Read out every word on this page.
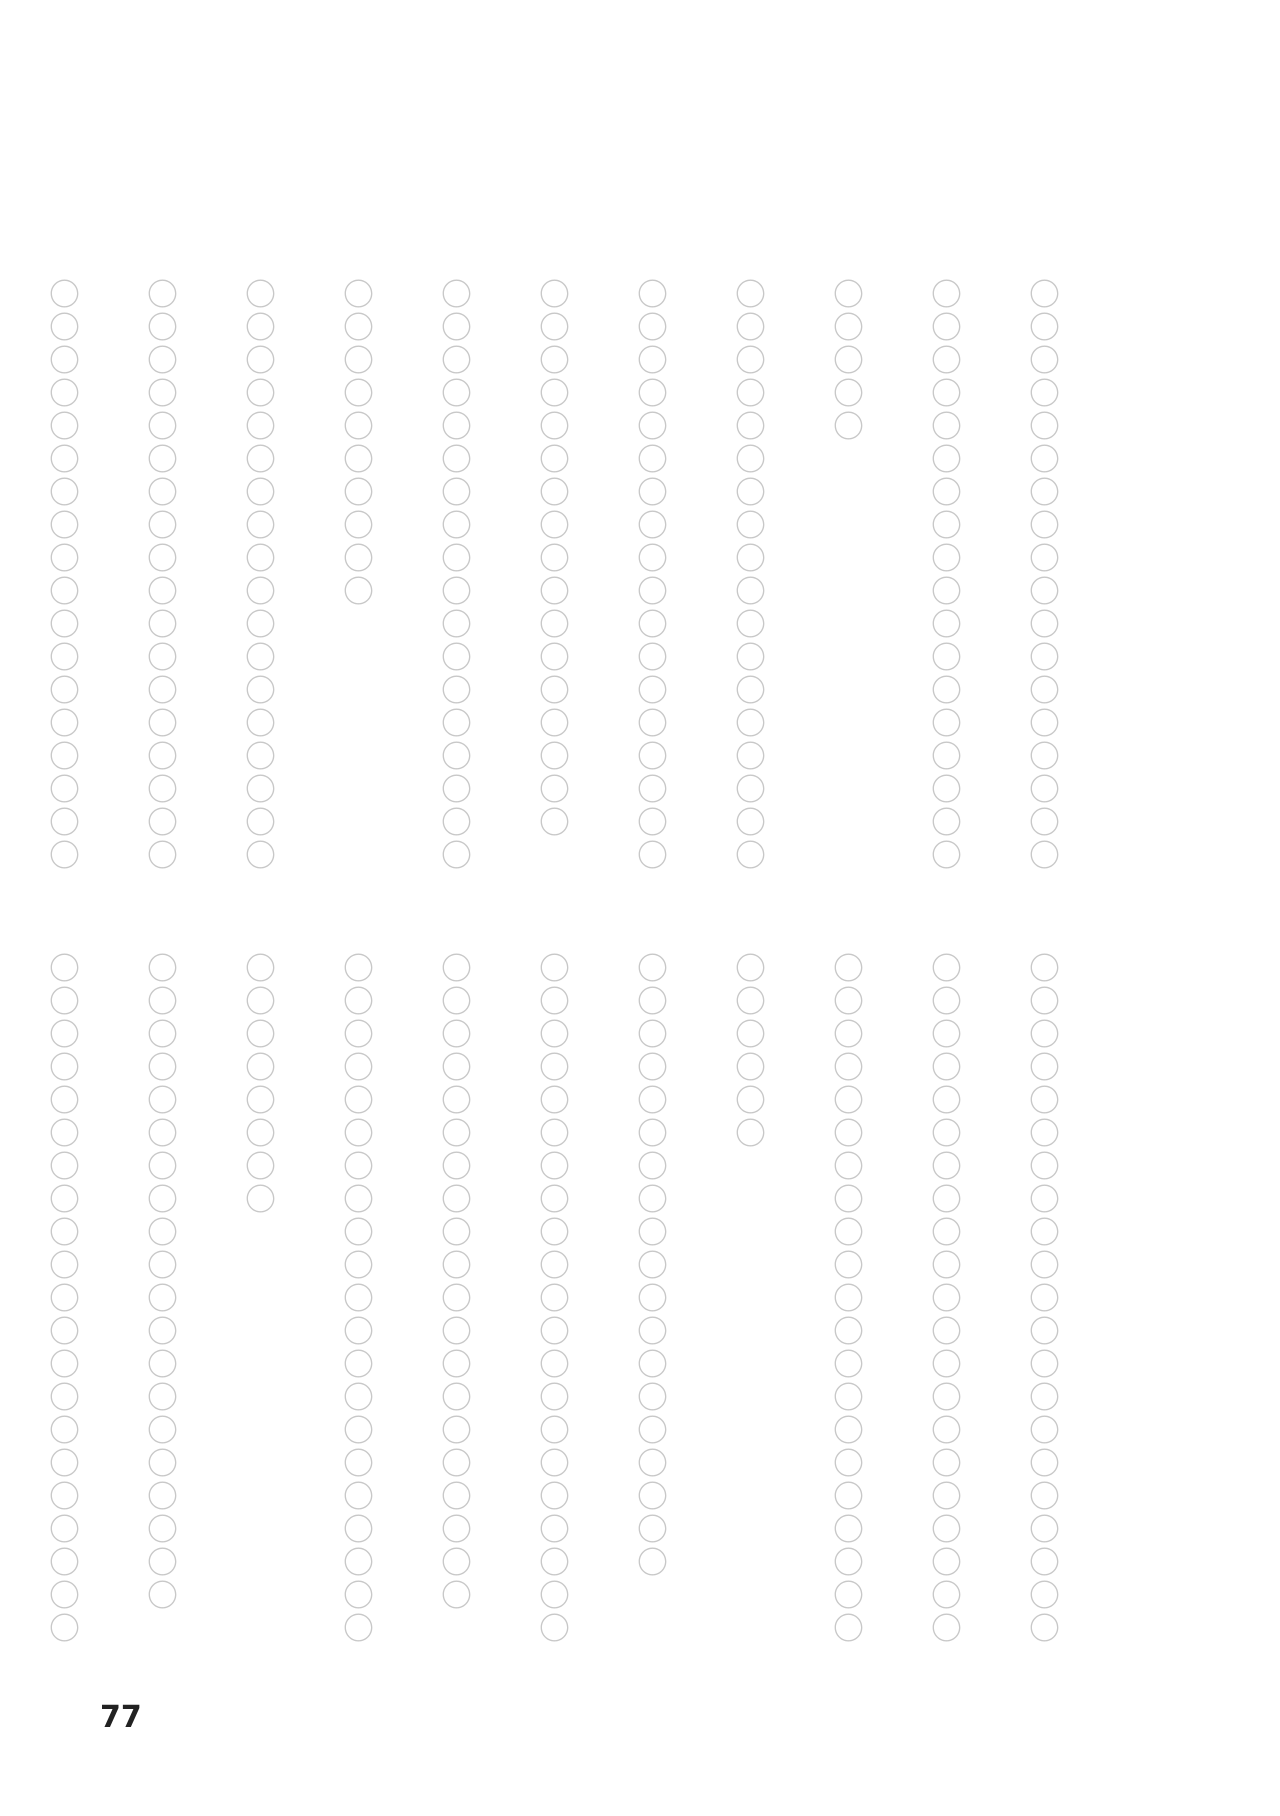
〇〇〇〇〇〇〇〇〇〇〇〇〇〇〇〇〇〇
〇〇〇〇〇〇〇〇〇〇〇〇〇〇〇〇〇〇
〇〇〇〇〇
〇〇〇〇〇〇〇〇〇〇〇〇〇〇〇〇〇〇
〇〇〇〇〇〇〇〇〇〇〇〇〇〇〇〇〇〇
〇〇〇〇〇〇〇〇〇〇〇〇〇〇〇〇〇
〇〇〇〇〇〇〇〇〇〇〇〇〇〇〇〇〇〇
〇〇〇〇〇〇〇〇〇〇
〇〇〇〇〇〇〇〇〇〇〇〇〇〇〇〇〇〇
〇〇〇〇〇〇〇〇〇〇〇〇〇〇〇〇〇〇
〇〇〇〇〇〇〇〇〇〇〇〇〇〇〇〇〇〇
〇〇〇〇〇〇〇〇〇〇〇〇〇〇〇〇〇〇〇〇〇
〇〇〇〇〇〇〇〇〇〇〇〇〇〇〇〇〇〇〇〇〇
〇〇〇〇〇〇〇〇〇〇〇〇〇〇〇〇〇〇〇〇〇
〇〇〇〇〇〇
〇〇〇〇〇〇〇〇〇〇〇〇〇〇〇〇〇〇〇
〇〇〇〇〇〇〇〇〇〇〇〇〇〇〇〇〇〇〇〇〇
〇〇〇〇〇〇〇〇〇〇〇〇〇〇〇〇〇〇〇〇
〇〇〇〇〇〇〇〇〇〇〇〇〇〇〇〇〇〇〇〇〇
〇〇〇〇〇〇〇〇
〇〇〇〇〇〇〇〇〇〇〇〇〇〇〇〇〇〇〇〇
〇〇〇〇〇〇〇〇〇〇〇〇〇〇〇〇〇〇〇〇〇
77
